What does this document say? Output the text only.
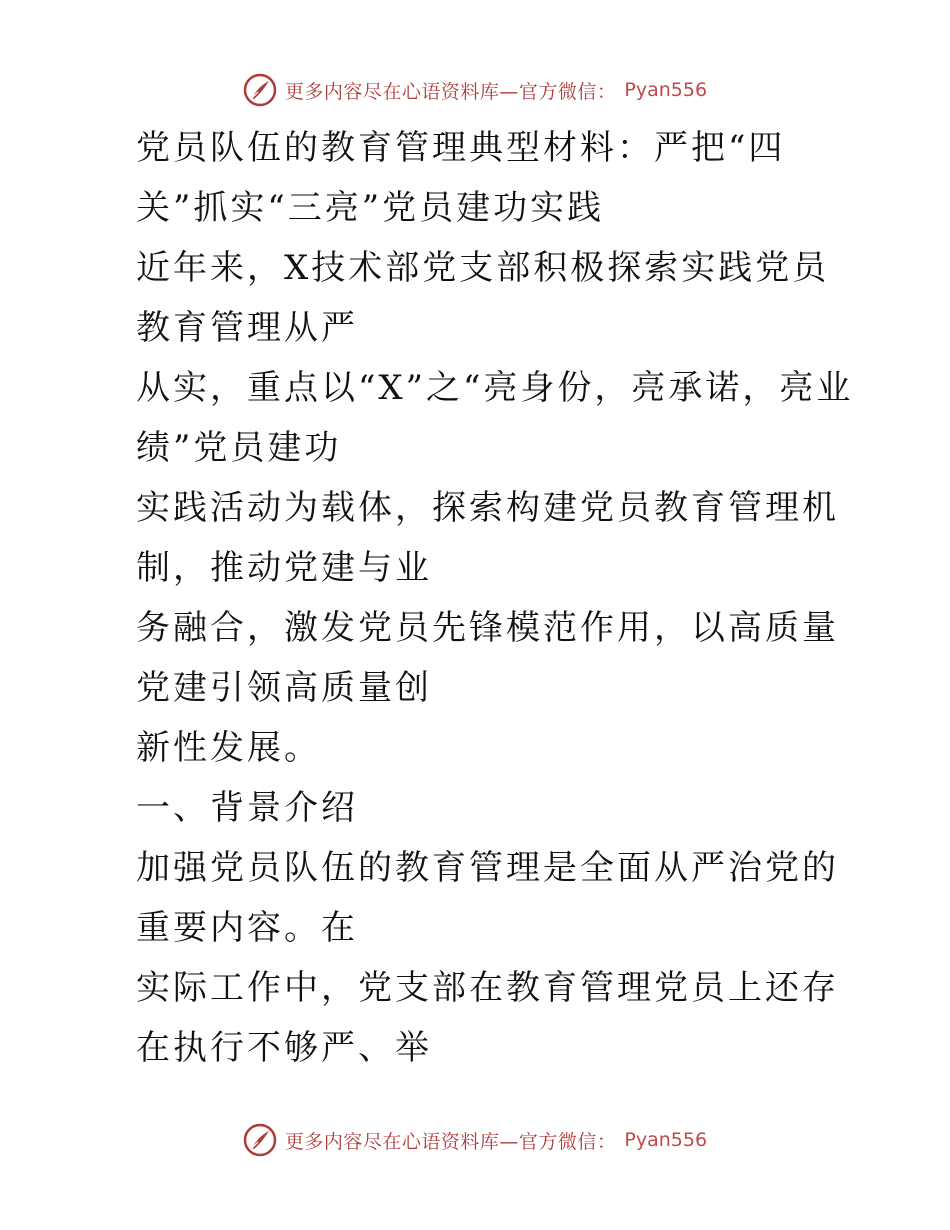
更多内容尽在心语资料库—官方微信： Pyan556

党员队伍的教育管理典型材料：严把“四

关”抓实“三亮”党员建功实践

近年来，X技术部党支部积极探索实践党员教育管理从严

从实，重点以“X”之“亮身份，亮承诺，亮业绩”党员建功

实践活动为载体，探索构建党员教育管理机制，推动党建与业

务融合，激发党员先锋模范作用，以高质量党建引领高质量创

新性发展。

一、背景介绍

加强党员队伍的教育管理是全面从严治党的重要内容。在

实际工作中，党支部在教育管理党员上还存在执行不够严、举

更多内容尽在心语资料库—官方微信： Pyan556
